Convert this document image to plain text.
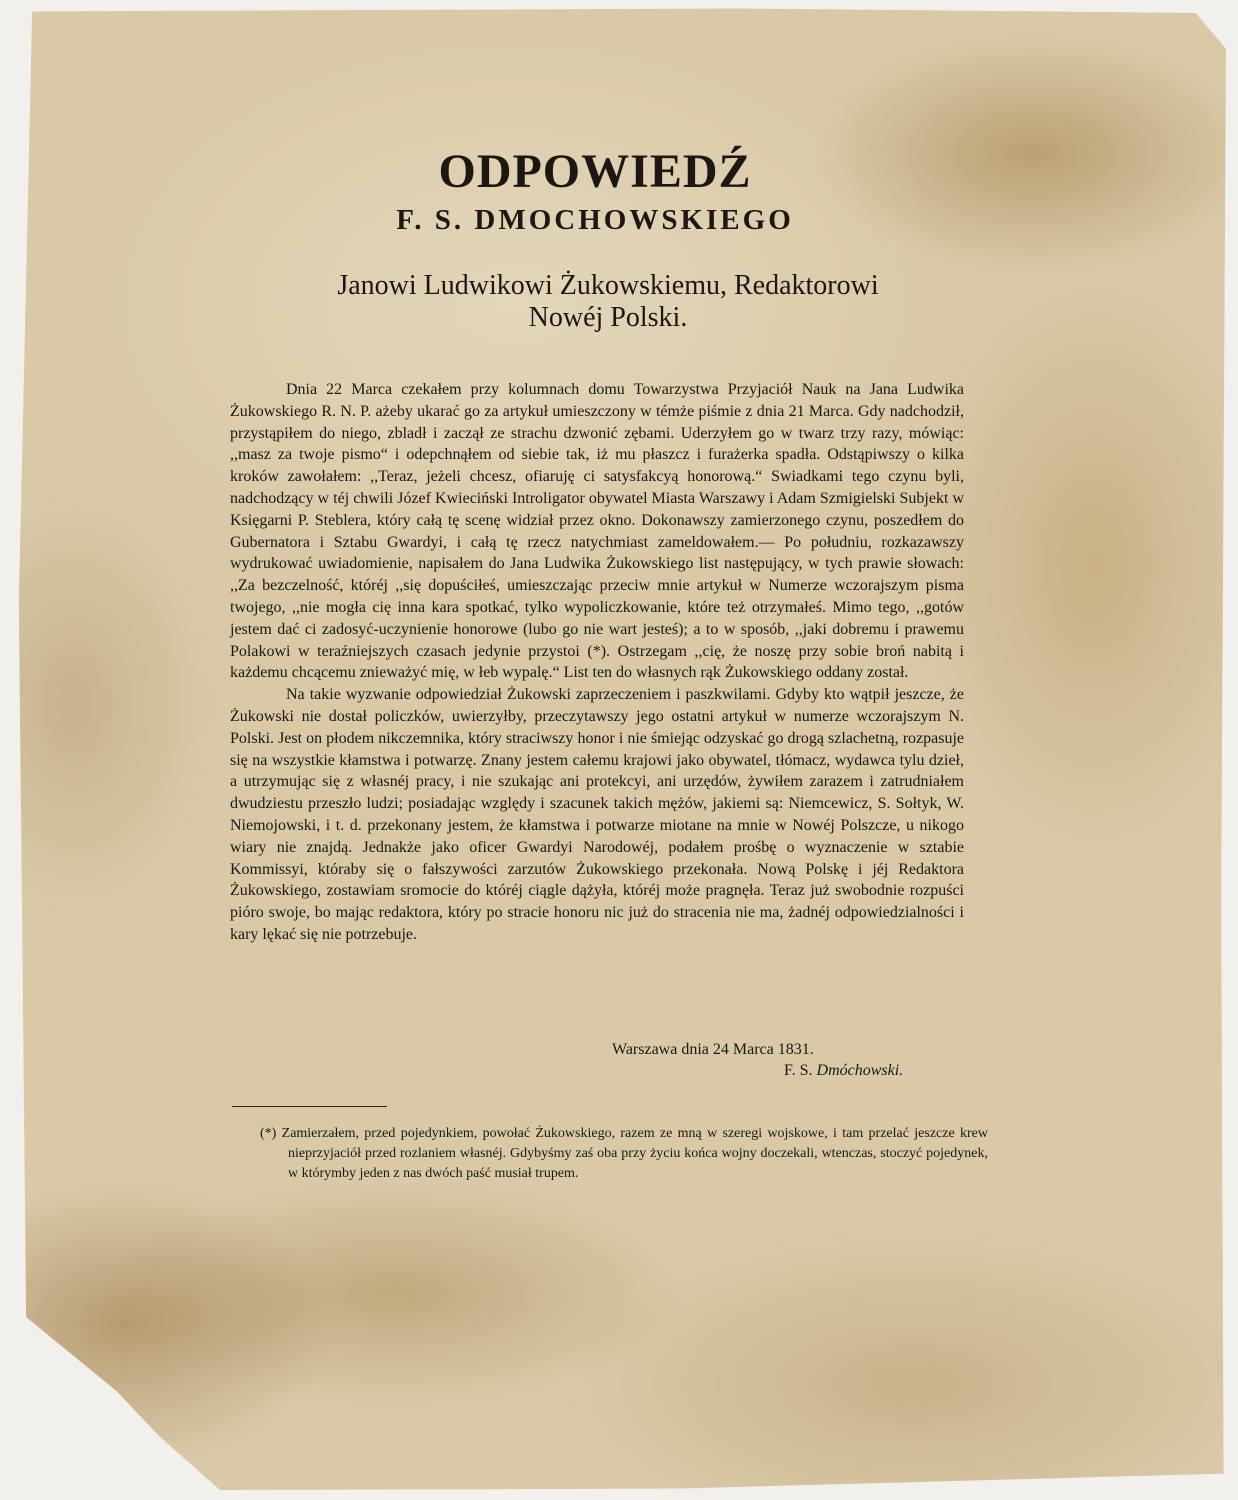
ODPOWIEDŹ
F. S. DMOCHOWSKIEGO
Janowi Ludwikowi Żukowskiemu, Redaktorowi
Nowéj Polski.

Dnia 22 Marca czekałem przy kolumnach domu Towarzystwa Przyjaciół Nauk na Jana Ludwika Żukowskiego R. N. P. ażeby ukarać go za artykuł umieszczony w témże piśmie z dnia 21 Marca. Gdy nadchodził, przystąpiłem do niego, zbladł i zaczął ze strachu dzwonić zębami. Uderzyłem go w twarz trzy razy, mówiąc: ,,masz za twoje pismo“ i odepchnąłem od siebie tak, iż mu płaszcz i furażerka spadła. Odstąpiwszy o kilka kroków zawołałem: ,,Teraz, jeżeli chcesz, ofiaruję ci satysfakcyą honorową.“ Swiadkami tego czynu byli, nadchodzący w téj chwili Józef Kwieciński Introligator obywatel Miasta Warszawy i Adam Szmigielski Subjekt w Księgarni P. Steblera, który całą tę scenę widział przez okno. Dokonawszy zamierzonego czynu, poszedłem do Gubernatora i Sztabu Gwardyi, i całą tę rzecz natychmiast zameldowałem.— Po południu, rozkazawszy wydrukować uwiadomienie, napisałem do Jana Ludwika Żukowskiego list następujący, w tych prawie słowach: ,,Za bezczelność, któréj ,,się dopuściłeś, umieszczając przeciw mnie artykuł w Numerze wczorajszym pisma twojego, ,,nie mogła cię inna kara spotkać, tylko wypoliczkowanie, które też otrzymałeś. Mimo tego, ,,gotów jestem dać ci zadosyć-uczynienie honorowe (lubo go nie wart jesteś); a to w sposób, ,,jaki dobremu i prawemu Polakowi w teraźniejszych czasach jedynie przystoi (*). Ostrzegam ,,cię, że noszę przy sobie broń nabitą i każdemu chcącemu znieważyć mię, w łeb wypalę.“ List ten do własnych rąk Żukowskiego oddany został.

Na takie wyzwanie odpowiedział Żukowski zaprzeczeniem i paszkwilami. Gdyby kto wątpił jeszcze, że Żukowski nie dostał policzków, uwierzyłby, przeczytawszy jego ostatni artykuł w numerze wczorajszym N. Polski. Jest on płodem nikczemnika, który straciwszy honor i nie śmiejąc odzyskać go drogą szlachetną, rozpasuje się na wszystkie kłamstwa i potwarzę. Znany jestem całemu krajowi jako obywatel, tłómacz, wydawca tylu dzieł, a utrzymując się z własnéj pracy, i nie szukając ani protekcyi, ani urzędów, żywiłem zarazem i zatrudniałem dwudziestu przeszło ludzi; posiadając względy i szacunek takich mężów, jakiemi są: Niemcewicz, S. Sołtyk, W. Niemojowski, i t. d. przekonany jestem, że kłamstwa i potwarze miotane na mnie w Nowéj Polszcze, u nikogo wiary nie znajdą. Jednakże jako oficer Gwardyi Narodowéj, podałem prośbę o wyznaczenie w sztabie Kommissyi, któraby się o fałszywości zarzutów Żukowskiego przekonała. Nową Polskę i jéj Redaktora Żukowskiego, zostawiam sromocie do któréj ciągle dążyła, któréj może pragnęła. Teraz już swobodnie rozpuści pióro swoje, bo mając redaktora, który po stracie honoru nic już do stracenia nie ma, żadnéj odpowiedzialności i kary lękać się nie potrzebuje.

Warszawa dnia 24 Marca 1831.
F. S. Dmóchowski.
(*) Zamierzałem, przed pojedynkiem, powołać Żukowskiego, razem ze mną w szeregi wojskowe, i tam przelać jeszcze krew nieprzyjaciół przed rozlaniem własnéj. Gdybyśmy zaś oba przy życiu końca wojny doczekali, wtenczas, stoczyć pojedynek, w którymby jeden z nas dwóch paść musiał trupem.
